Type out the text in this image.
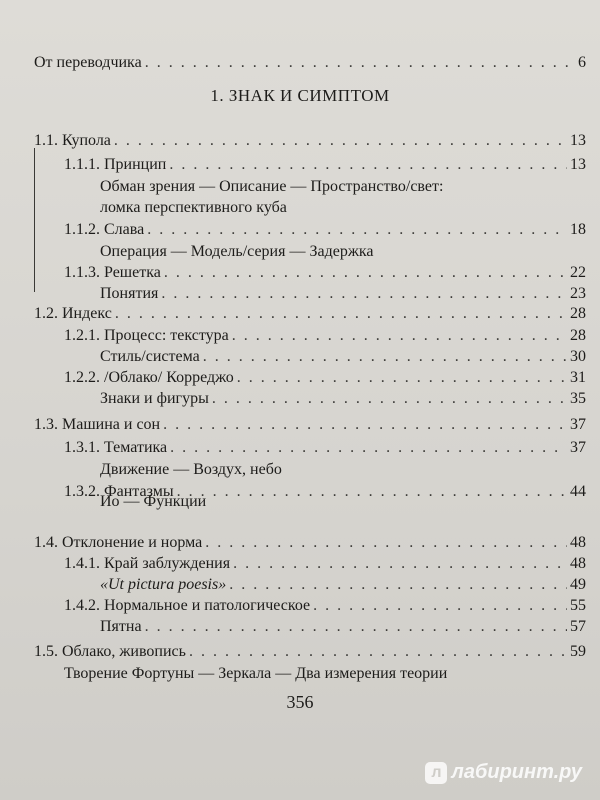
От переводчика . . .	6
1. ЗНАК И СИМПТОМ
1.1. Купола . . .	13
1.1.1. Принцип . . .	13
Обман зрения — Описание — Пространство/свет:
ломка перспективного куба
1.1.2. Слава . . .	18
Операция — Модель/серия — Задержка
1.1.3. Решетка . . .	22
Понятия . . .	23
1.2. Индекс . . .	28
1.2.1. Процесс: текстура . . .	28
Стиль/система . . .	30
1.2.2. /Облако/ Корреджо . . .	31
Знаки и фигуры . . .	35
1.3. Машина и сон . . .	37
1.3.1. Тематика . . .	37
Движение — Воздух, небо
1.3.2. Фантазмы . . .	44
Ио — Функции
1.4. Отклонение и норма . . .	48
1.4.1. Край заблуждения . . .	48
«Ut pictura poesis» . . .	49
1.4.2. Нормальное и патологическое . . .	55
Пятна . . .	57
1.5. Облако, живопись . . .	59
Творение Фортуны — Зеркала — Два измерения теории
356
л лабиринт.ру
